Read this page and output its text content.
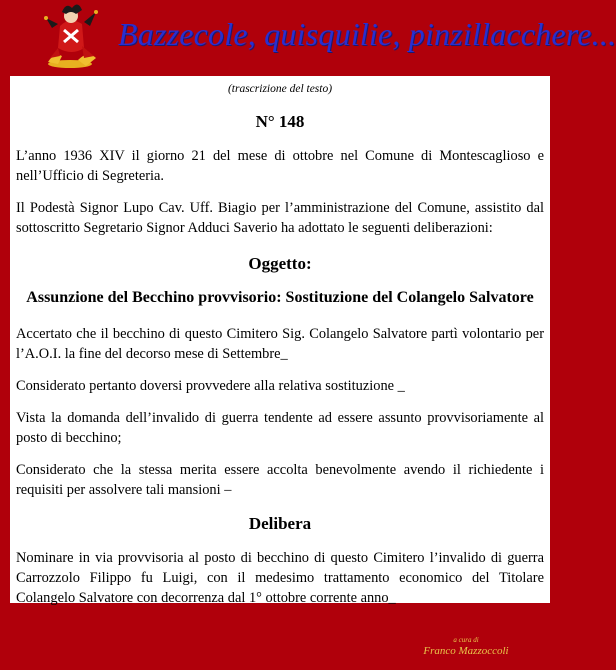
Bazzecole, quisquilie, pinzillacchere...
(trascrizione del testo)
N° 148

L’anno 1936 XIV il giorno 21 del mese di ottobre nel Comune di Montescaglioso e nell’Ufficio di Segreteria.

Il Podestà Signor Lupo Cav. Uff. Biagio per l’amministrazione del Comune, assistito dal sottoscritto Segretario Signor Adduci Saverio ha adottato le seguenti deliberazioni:

Oggetto:
Assunzione del Becchino provvisorio: Sostituzione del Colangelo Salvatore

Accertato che il becchino di questo Cimitero Sig. Colangelo Salvatore partì volontario per l’A.O.I. la fine del decorso mese di Settembre_

Considerato pertanto doversi provvedere alla relativa sostituzione _

Vista la domanda dell’invalido di guerra tendente ad essere assunto provvisoriamente al posto di becchino;

Considerato che la stessa merita essere accolta benevolmente avendo il richiedente i requisiti per assolvere tali mansioni –

Delibera

Nominare in via provvisoria al posto di becchino di questo Cimitero l’invalido di guerra Carrozzolo Filippo fu Luigi, con il medesimo trattamento economico del Titolare Colangelo Salvatore con decorrenza dal 1° ottobre corrente anno_

a cura di
Franco Mazzoccoli
